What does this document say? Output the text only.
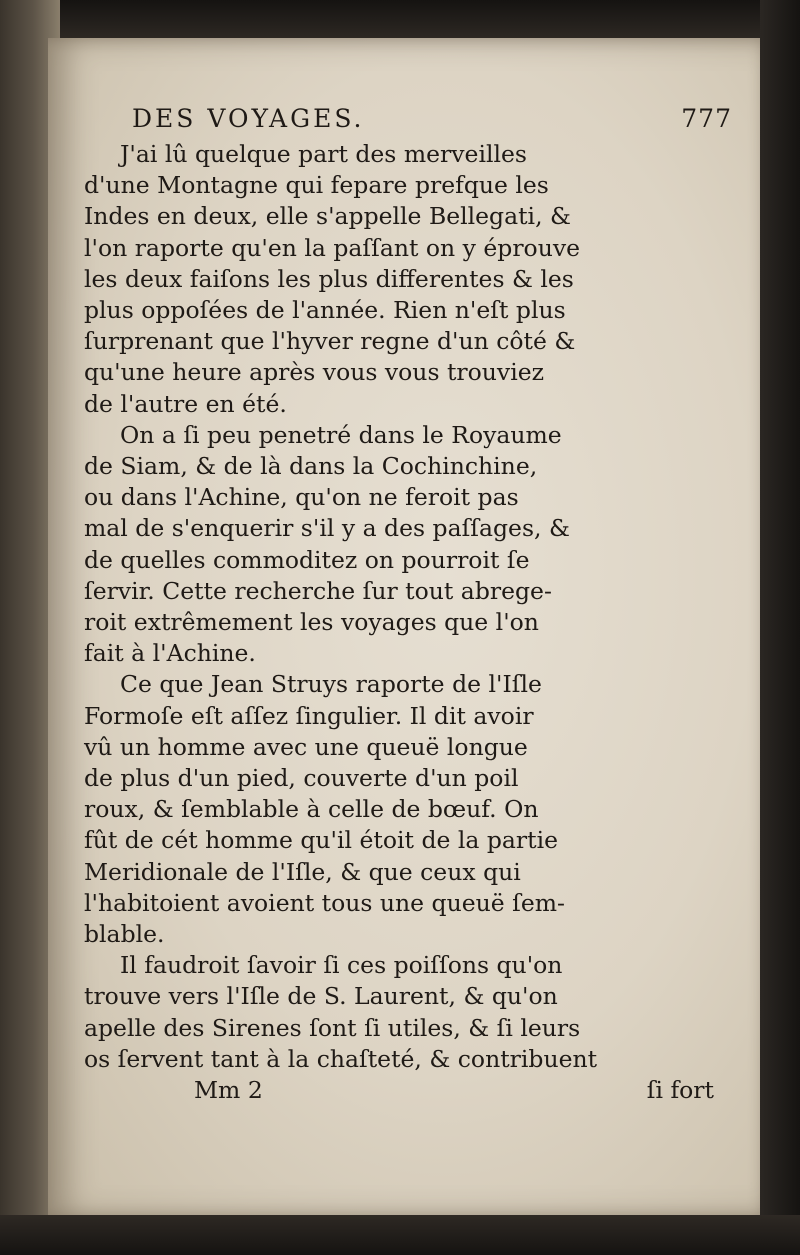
DES VOYAGES.	777
J'ai lû quelque part des merveilles
d'une Montagne qui fepare prefque les
Indes en deux, elle s'appelle Bellegati, &
l'on raporte qu'en la paſſant on y éprouve
les deux faiſons les plus differentes & les
plus oppoſées de l'année. Rien n'eſt plus
ſurprenant que l'hyver regne d'un côté &
qu'une heure après vous vous trouviez
de l'autre en été.
On a ſi peu penetré dans le Royaume
de Siam, & de là dans la Cochinchine,
ou dans l'Achine, qu'on ne feroit pas
mal de s'enquerir s'il y a des paſſages, &
de quelles commoditez on pourroit ſe
ſervir. Cette recherche ſur tout abrege-
roit extrêmement les voyages que l'on
fait à l'Achine.
Ce que Jean Struys raporte de l'Iſle
Formoſe eſt aſſez ſingulier. Il dit avoir
vû un homme avec une queuë longue
de plus d'un pied, couverte d'un poil
roux, & ſemblable à celle de bœuf. On
fût de cét homme qu'il étoit de la partie
Meridionale de l'Iſle, & que ceux qui
l'habitoient avoient tous une queuë ſem-
blable.
Il faudroit ſavoir ſi ces poiſſons qu'on
trouve vers l'Iſle de S. Laurent, & qu'on
apelle des Sirenes ſont ſi utiles, & ſi leurs
os ſervent tant à la chaſteté, & contribuent
Mm 2	ſi fort
